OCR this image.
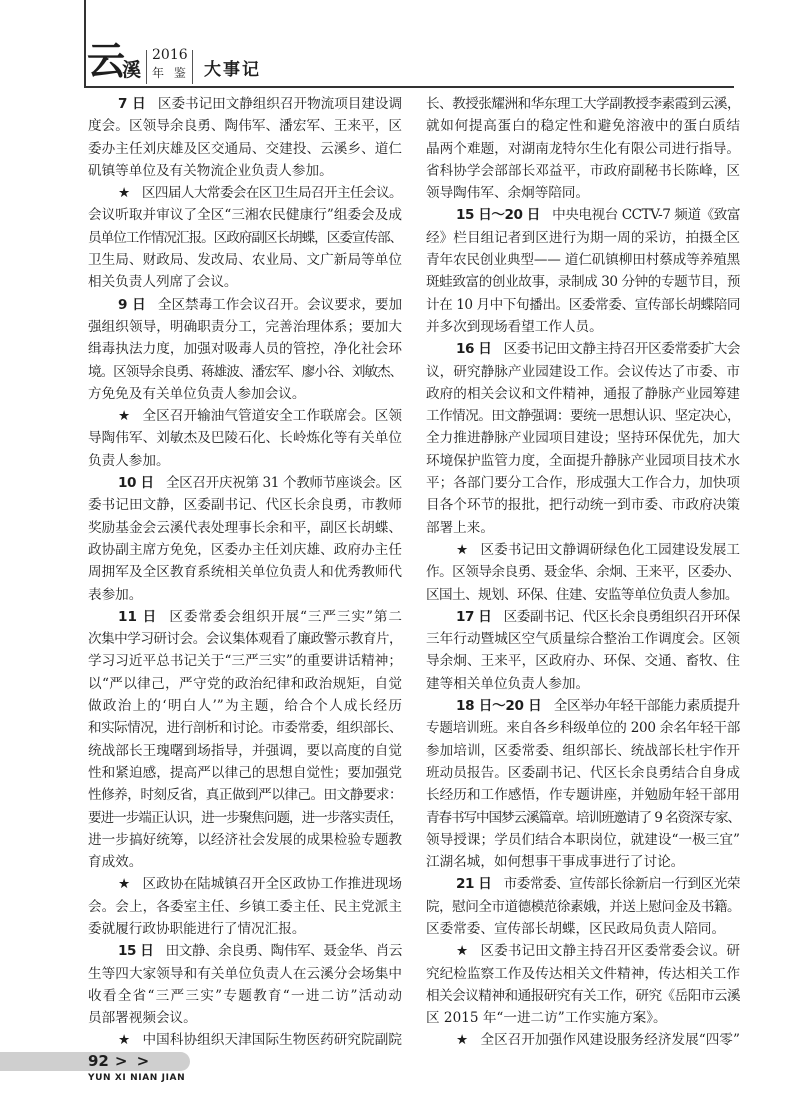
云
溪
2016
年 鉴 大事记
7 日 区委书记田文静组织召开物流项目建设调
度会。区领导余良勇、陶伟军、潘宏军、王来平，区
委办主任刘庆雄及区交通局、交建投、云溪乡、道仁
矶镇等单位及有关物流企业负责人参加。
★ 区四届人大常委会在区卫生局召开主任会议。
会议听取并审议了全区“三湘农民健康行”组委会及成
员单位工作情况汇报。区政府副区长胡蝶，区委宣传部、
卫生局、财政局、发改局、农业局、文广新局等单位
相关负责人列席了会议。
9 日 全区禁毒工作会议召开。会议要求，要加
强组织领导，明确职责分工，完善治理体系；要加大
缉毒执法力度，加强对吸毒人员的管控，净化社会环
境。区领导余良勇、蒋雄波、潘宏军、廖小谷、刘敏杰、
方免免及有关单位负责人参加会议。
★ 全区召开输油气管道安全工作联席会。区领
导陶伟军、刘敏杰及巴陵石化、长岭炼化等有关单位
负责人参加。
10 日 全区召开庆祝第 31 个教师节座谈会。区
委书记田文静，区委副书记、代区长余良勇，市教师
奖励基金会云溪代表处理事长余和平，副区长胡蝶、
政协副主席方免免，区委办主任刘庆雄、政府办主任
周拥军及全区教育系统相关单位负责人和优秀教师代
表参加。
11 日 区委常委会组织开展“三严三实”第二
次集中学习研讨会。会议集体观看了廉政警示教育片，
学习习近平总书记关于“三严三实”的重要讲话精神；
以“严以律己，严守党的政治纪律和政治规矩，自觉
做政治上的‘明白人’”为主题，给合个人成长经历
和实际情况，进行剖析和讨论。市委常委，组织部长、
统战部长王瑰曙到场指导，并强调，要以高度的自觉
性和紧迫感，提高严以律己的思想自觉性；要加强党
性修养，时刻反省，真正做到严以律己。田文静要求：
要进一步端正认识，进一步聚焦问题，进一步落实责任，
进一步搞好统筹，以经济社会发展的成果检验专题教
育成效。
★ 区政协在陆城镇召开全区政协工作推进现场
会。会上，各委室主任、乡镇工委主任、民主党派主
委就履行政协职能进行了情况汇报。
15 日 田文静、余良勇、陶伟军、聂金华、肖云
生等四大家领导和有关单位负责人在云溪分会场集中
收看全省“三严三实”专题教育“一进二访”活动动
员部署视频会议。
★ 中国科协组织天津国际生物医药研究院副院
长、教授张耀洲和华东理工大学副教授李素霞到云溪，
就如何提高蛋白的稳定性和避免溶液中的蛋白质结
晶两个难题，对湖南龙特尔生化有限公司进行指导。
省科协学会部部长邓益平，市政府副秘书长陈峰，区
领导陶伟军、余炯等陪同。
15 日～20 日 中央电视台 CCTV-7 频道《致富
经》栏目组记者到区进行为期一周的采访，拍摄全区
青年农民创业典型—— 道仁矶镇柳田村蔡成等养殖黑
斑蛙致富的创业故事，录制成 30 分钟的专题节目，预
计在 10 月中下旬播出。区委常委、宣传部长胡蝶陪同
并多次到现场看望工作人员。
16 日 区委书记田文静主持召开区委常委扩大会
议，研究静脉产业园建设工作。会议传达了市委、市
政府的相关会议和文件精神，通报了静脉产业园筹建
工作情况。田文静强调：要统一思想认识、坚定决心，
全力推进静脉产业园项目建设；坚持环保优先，加大
环境保护监管力度，全面提升静脉产业园项目技术水
平；各部门要分工合作，形成强大工作合力，加快项
目各个环节的报批，把行动统一到市委、市政府决策
部署上来。
★ 区委书记田文静调研绿色化工园建设发展工
作。区领导余良勇、聂金华、余炯、王来平，区委办、
区国土、规划、环保、住建、安监等单位负责人参加。
17 日 区委副书记、代区长余良勇组织召开环保
三年行动暨城区空气质量综合整治工作调度会。区领
导余炯、王来平，区政府办、环保、交通、畜牧、住
建等相关单位负责人参加。
18 日～20 日 全区举办年轻干部能力素质提升
专题培训班。来自各乡科级单位的 200 余名年轻干部
参加培训，区委常委、组织部长、统战部长杜宇作开
班动员报告。区委副书记、代区长余良勇结合自身成
长经历和工作感悟，作专题讲座，并勉励年轻干部用
青春书写中国梦云溪篇章。培训班邀请了 9 名资深专家、
领导授课；学员们结合本职岗位，就建设“一极三宜”
江湖名城，如何想事干事成事进行了讨论。
21 日 市委常委、宣传部长徐新启一行到区光荣
院，慰问全市道德模范徐素娥，并送上慰问金及书籍。
区委常委、宣传部长胡蝶，区民政局负责人陪同。
★ 区委书记田文静主持召开区委常委会议。研
究纪检监察工作及传达相关文件精神，传达相关工作
相关会议精神和通报研究有关工作，研究《岳阳市云溪
区 2015 年“一进二访”工作实施方案》。
★ 全区召开加强作风建设服务经济发展“四零”
92 > >
YUN XI NIAN JIAN
